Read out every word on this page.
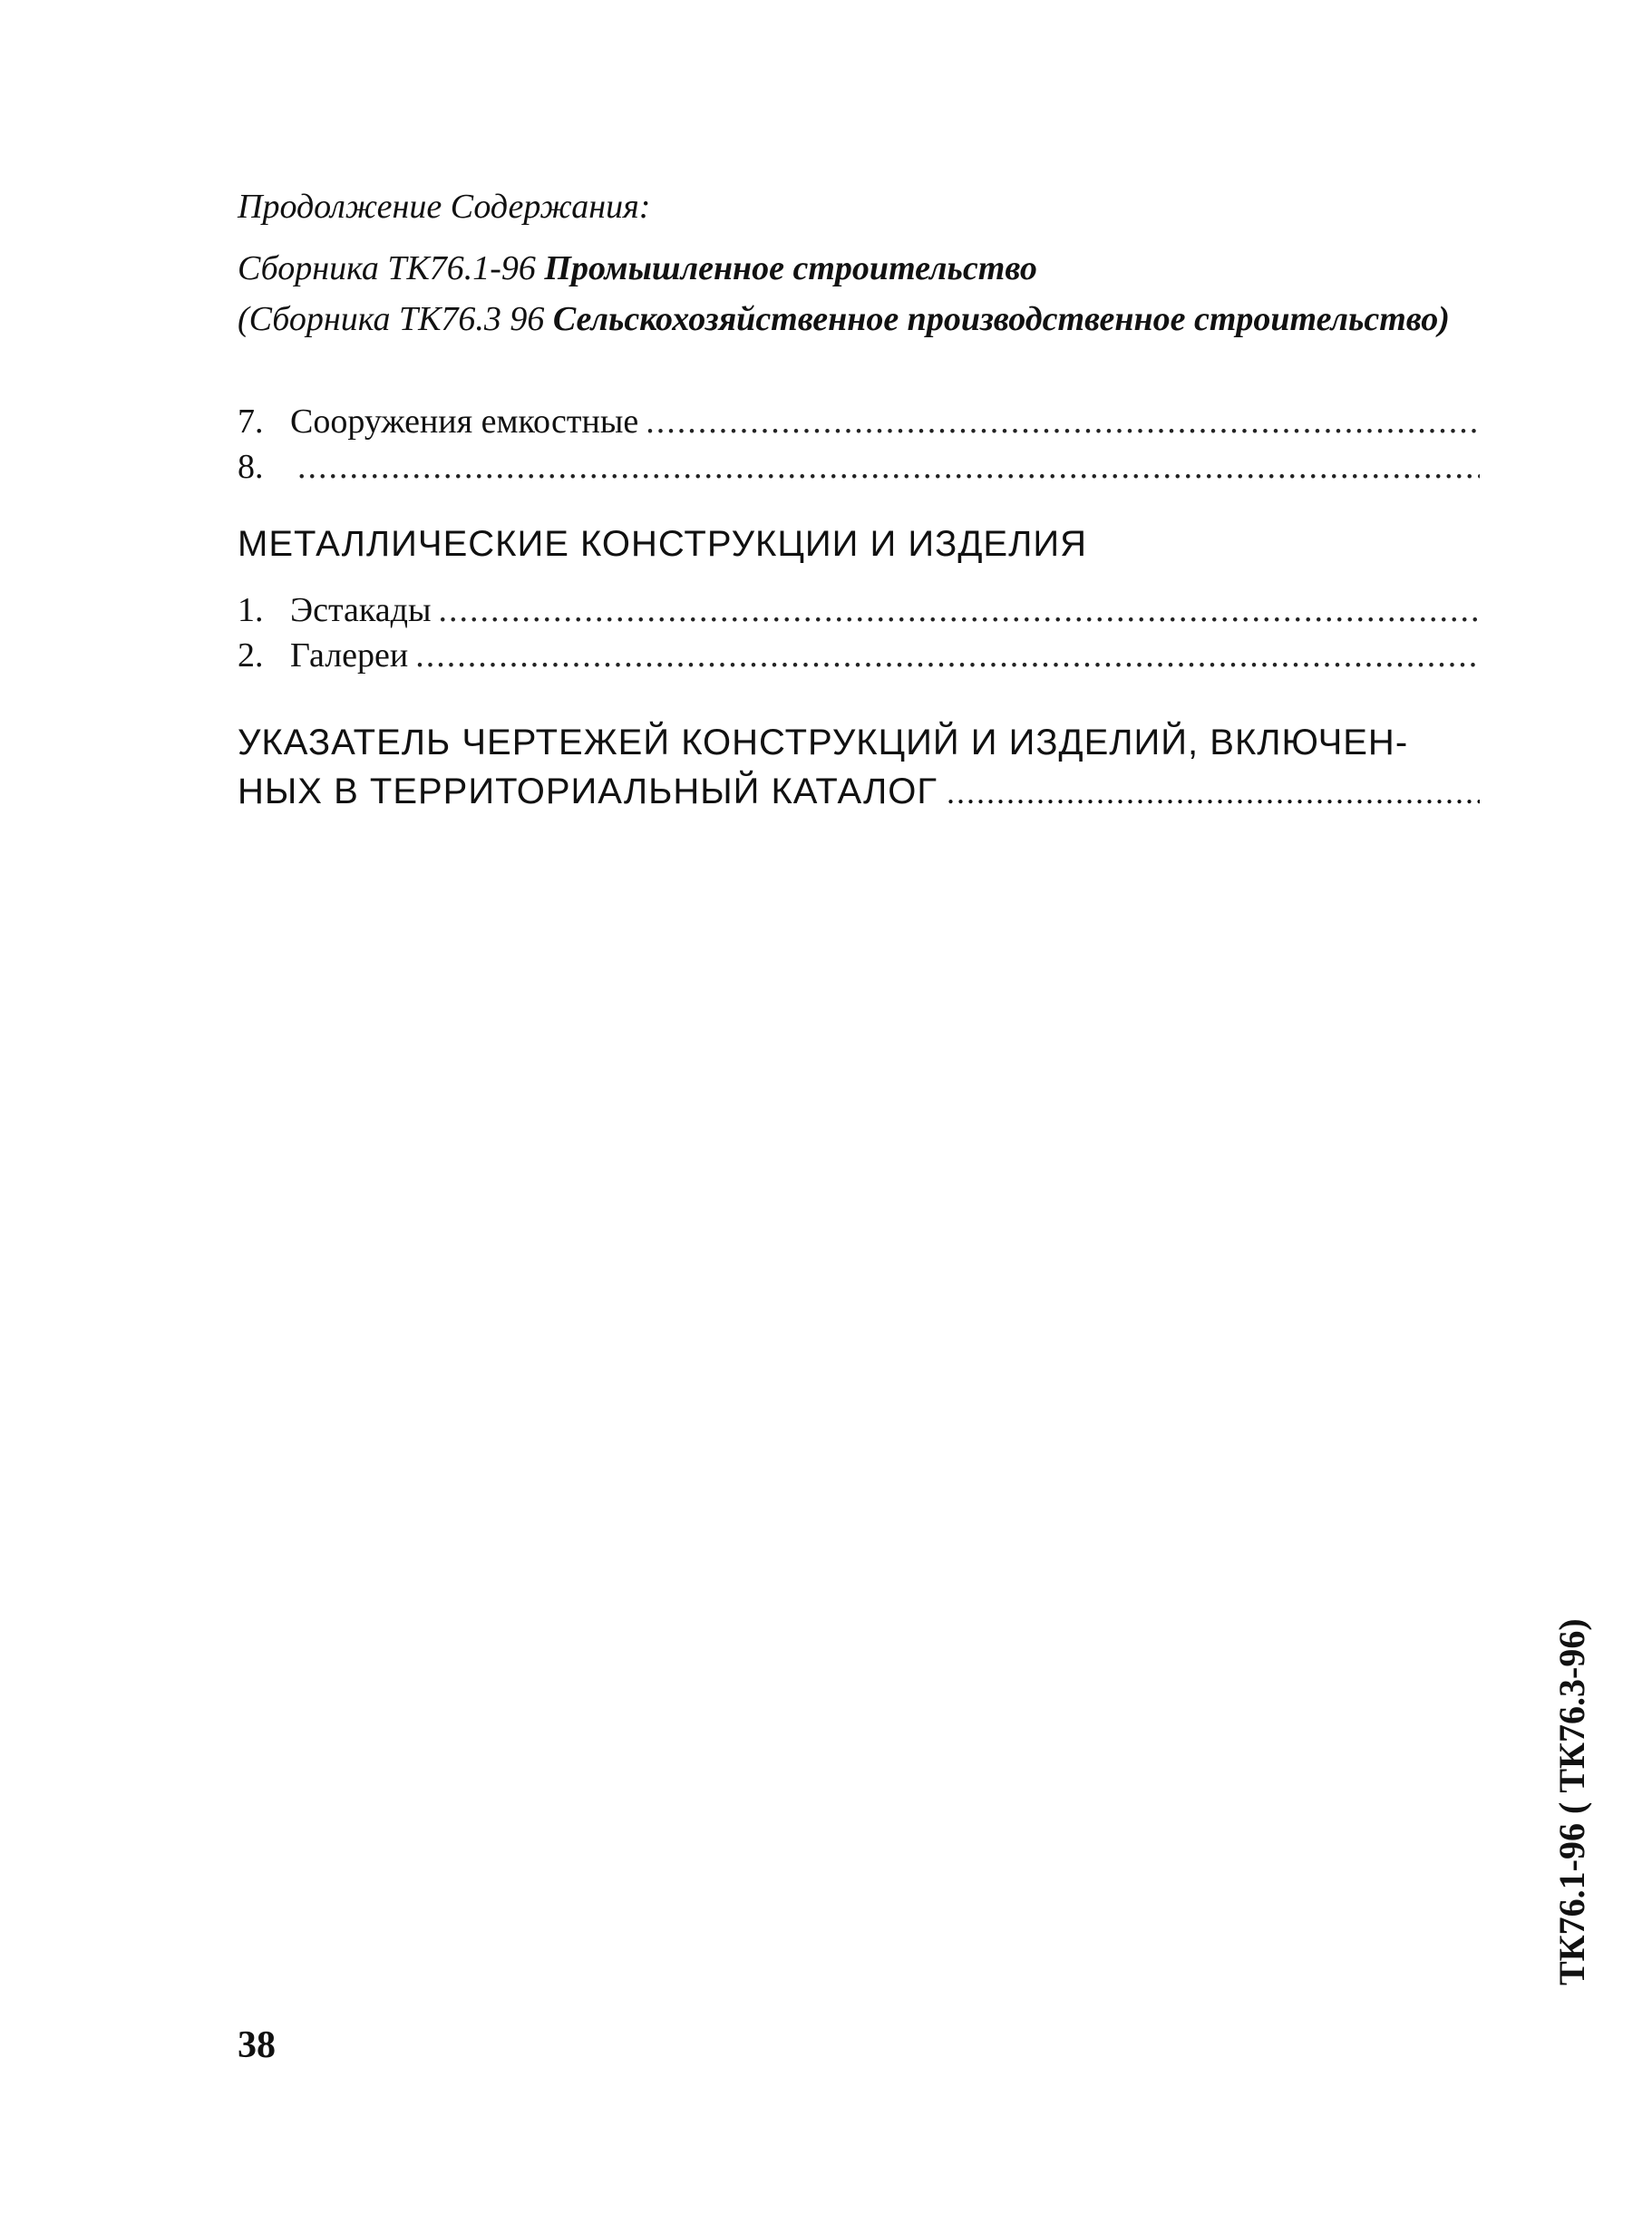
Продолжение Содержания:
Сборника ТК76.1-96 Промышленное строительство
(Сборника ТК76.3 96 Сельскохозяйственное производственное строительство)
7. Сооружения емкостные
.....
8.
.....
МЕТАЛЛИЧЕСКИЕ КОНСТРУКЦИИ И ИЗДЕЛИЯ
1. Эстакады
.....
2. Галереи
.....
УКАЗАТЕЛЬ ЧЕРТЕЖЕЙ КОНСТРУКЦИЙ И ИЗДЕЛИЙ, ВКЛЮЧЕН-
НЫХ В ТЕРРИТОРИАЛЬНЫЙ КАТАЛОГ
.....
ТК76.1-96 ( ТК76.3-96)
38
